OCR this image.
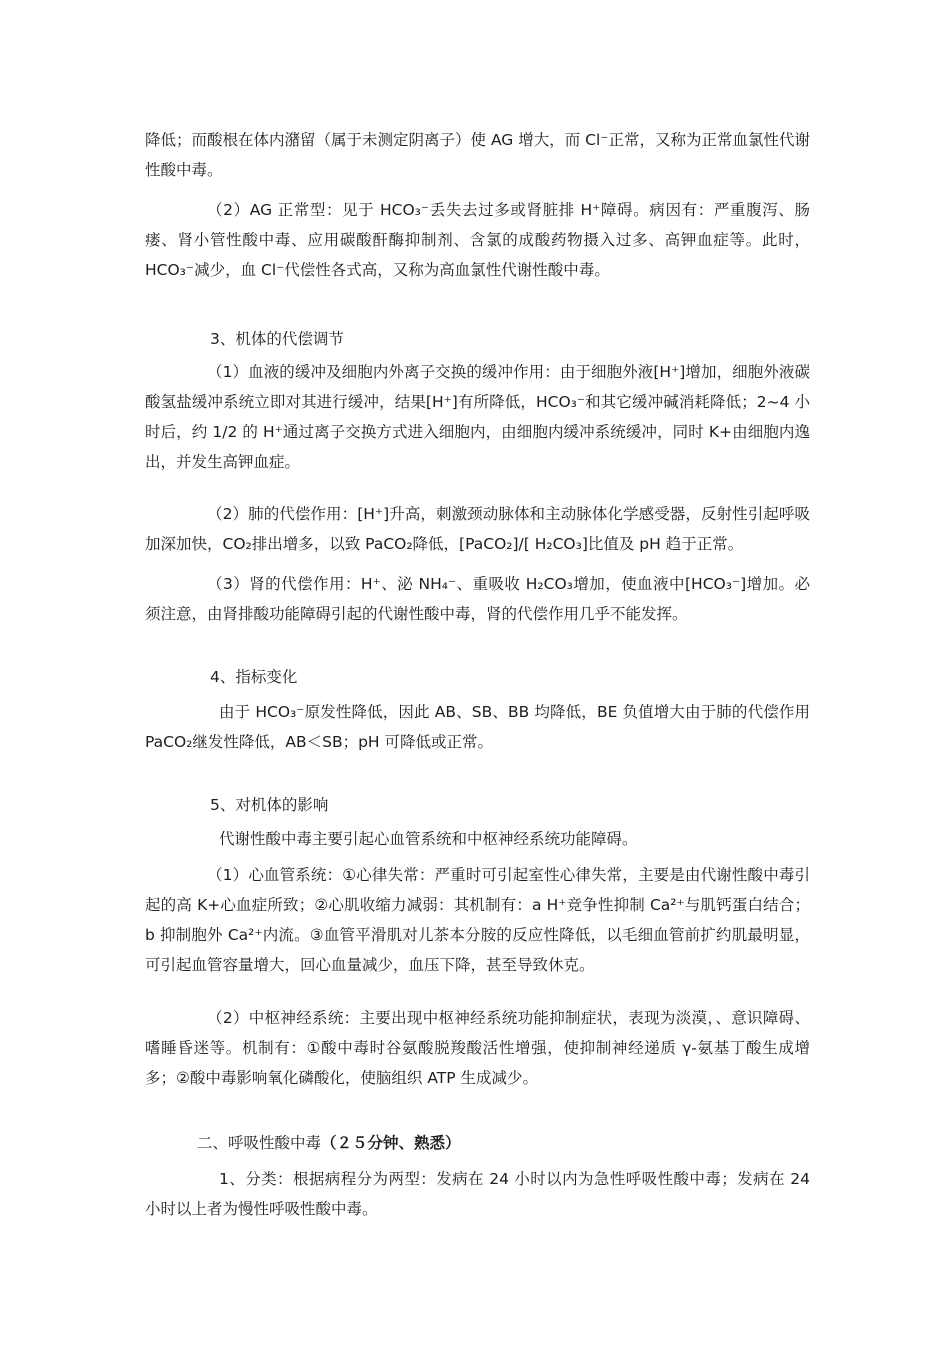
降低；而酸根在体内潴留（属于未测定阴离子）使 AG 增大，而 Cl⁻正常，又称为正常血氯性代谢性酸中毒。

（2）AG 正常型：见于 HCO₃⁻丢失去过多或肾脏排 H⁺障碍。病因有：严重腹泻、肠瘘、肾小管性酸中毒、应用碳酸酐酶抑制剂、含氯的成酸药物摄入过多、高钾血症等。此时，HCO₃⁻减少，血 Cl⁻代偿性各式高，又称为高血氯性代谢性酸中毒。

3、机体的代偿调节

（1）血液的缓冲及细胞内外离子交换的缓冲作用：由于细胞外液[H⁺]增加，细胞外液碳酸氢盐缓冲系统立即对其进行缓冲，结果[H⁺]有所降低，HCO₃⁻和其它缓冲碱消耗降低；2~4 小时后，约 1/2 的 H⁺通过离子交换方式进入细胞内，由细胞内缓冲系统缓冲，同时 K+由细胞内逸出，并发生高钾血症。

（2）肺的代偿作用：[H⁺]升高，刺激颈动脉体和主动脉体化学感受器，反射性引起呼吸加深加快，CO₂排出增多，以致 PaCO₂降低，[PaCO₂]/[ H₂CO₃]比值及 pH 趋于正常。

（3）肾的代偿作用：H⁺、泌 NH₄⁻、重吸收 H₂CO₃增加，使血液中[HCO₃⁻]增加。必须注意，由肾排酸功能障碍引起的代谢性酸中毒，肾的代偿作用几乎不能发挥。

4、指标变化

由于 HCO₃⁻原发性降低，因此 AB、SB、BB 均降低，BE 负值增大由于肺的代偿作用 PaCO₂继发性降低，AB＜SB；pH 可降低或正常。

5、对机体的影响

代谢性酸中毒主要引起心血管系统和中枢神经系统功能障碍。

（1）心血管系统：①心律失常：严重时可引起室性心律失常，主要是由代谢性酸中毒引起的高 K+心血症所致；②心肌收缩力减弱：其机制有：a H⁺竞争性抑制 Ca²⁺与肌钙蛋白结合；b 抑制胞外 Ca²⁺内流。③血管平滑肌对儿茶本分胺的反应性降低，以毛细血管前扩约肌最明显，可引起血管容量增大，回心血量减少，血压下降，甚至导致休克。

（2）中枢神经系统：主要出现中枢神经系统功能抑制症状，表现为淡漠，、意识障碍、嗜睡昏迷等。机制有：①酸中毒时谷氨酸脱羧酸活性增强，使抑制神经递质 γ-氨基丁酸生成增多；②酸中毒影响氧化磷酸化，使脑组织 ATP 生成减少。

二、呼吸性酸中毒（２５分钟、熟悉）

1、分类：根据病程分为两型：发病在 24 小时以内为急性呼吸性酸中毒；发病在 24 小时以上者为慢性呼吸性酸中毒。
